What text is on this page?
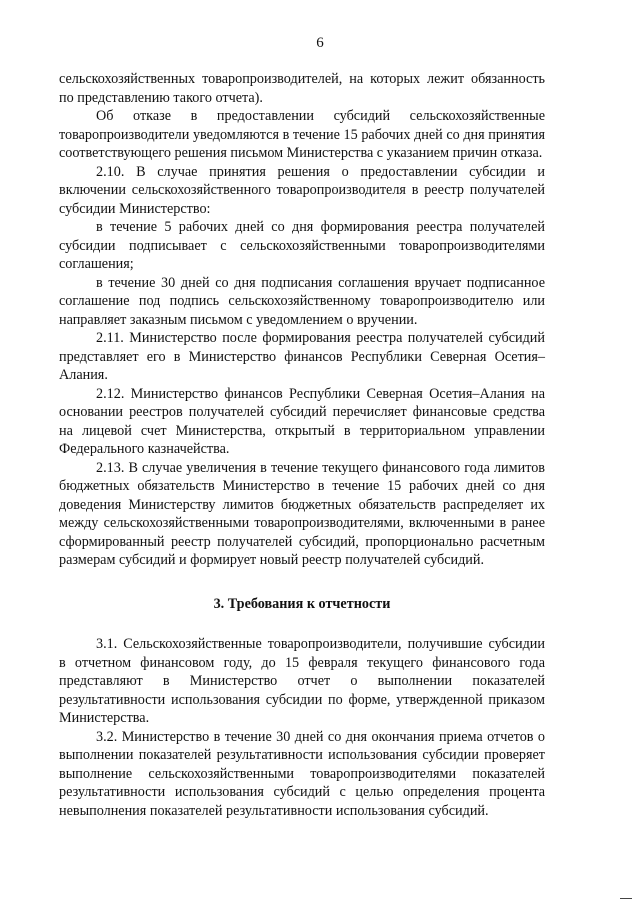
6

сельскохозяйственных товаропроизводителей, на которых лежит обязанность по представлению такого отчета).

Об отказе в предоставлении субсидий сельскохозяйственные товаропроизводители уведомляются в течение 15 рабочих дней со дня принятия соответствующего решения письмом Министерства с указанием причин отказа.

2.10. В случае принятия решения о предоставлении субсидии и включении сельскохозяйственного товаропроизводителя в реестр получателей субсидии Министерство:

в течение 5 рабочих дней со дня формирования реестра получателей субсидии подписывает с сельскохозяйственными товаропроизводителями соглашения;

в течение 30 дней со дня подписания соглашения вручает подписанное соглашение под подпись сельскохозяйственному товаропроизводителю или направляет заказным письмом с уведомлением о вручении.

2.11. Министерство после формирования реестра получателей субсидий представляет его в Министерство финансов Республики Северная Осетия–Алания.

2.12. Министерство финансов Республики Северная Осетия–Алания на основании реестров получателей субсидий перечисляет финансовые средства на лицевой счет Министерства, открытый в территориальном управлении Федерального казначейства.

2.13. В случае увеличения в течение текущего финансового года лимитов бюджетных обязательств Министерство в течение 15 рабочих дней со дня доведения Министерству лимитов бюджетных обязательств распределяет их между сельскохозяйственными товаропроизводителями, включенными в ранее сформированный реестр получателей субсидий, пропорционально расчетным размерам субсидий и формирует новый реестр получателей субсидий.

3. Требования к отчетности

3.1. Сельскохозяйственные товаропроизводители, получившие субсидии в отчетном финансовом году, до 15 февраля текущего финансового года представляют в Министерство отчет о выполнении показателей результативности использования субсидии по форме, утвержденной приказом Министерства.

3.2. Министерство в течение 30 дней со дня окончания приема отчетов о выполнении показателей результативности использования субсидии проверяет выполнение сельскохозяйственными товаропроизводителями показателей результативности использования субсидий с целью определения процента невыполнения показателей результативности использования субсидий.
